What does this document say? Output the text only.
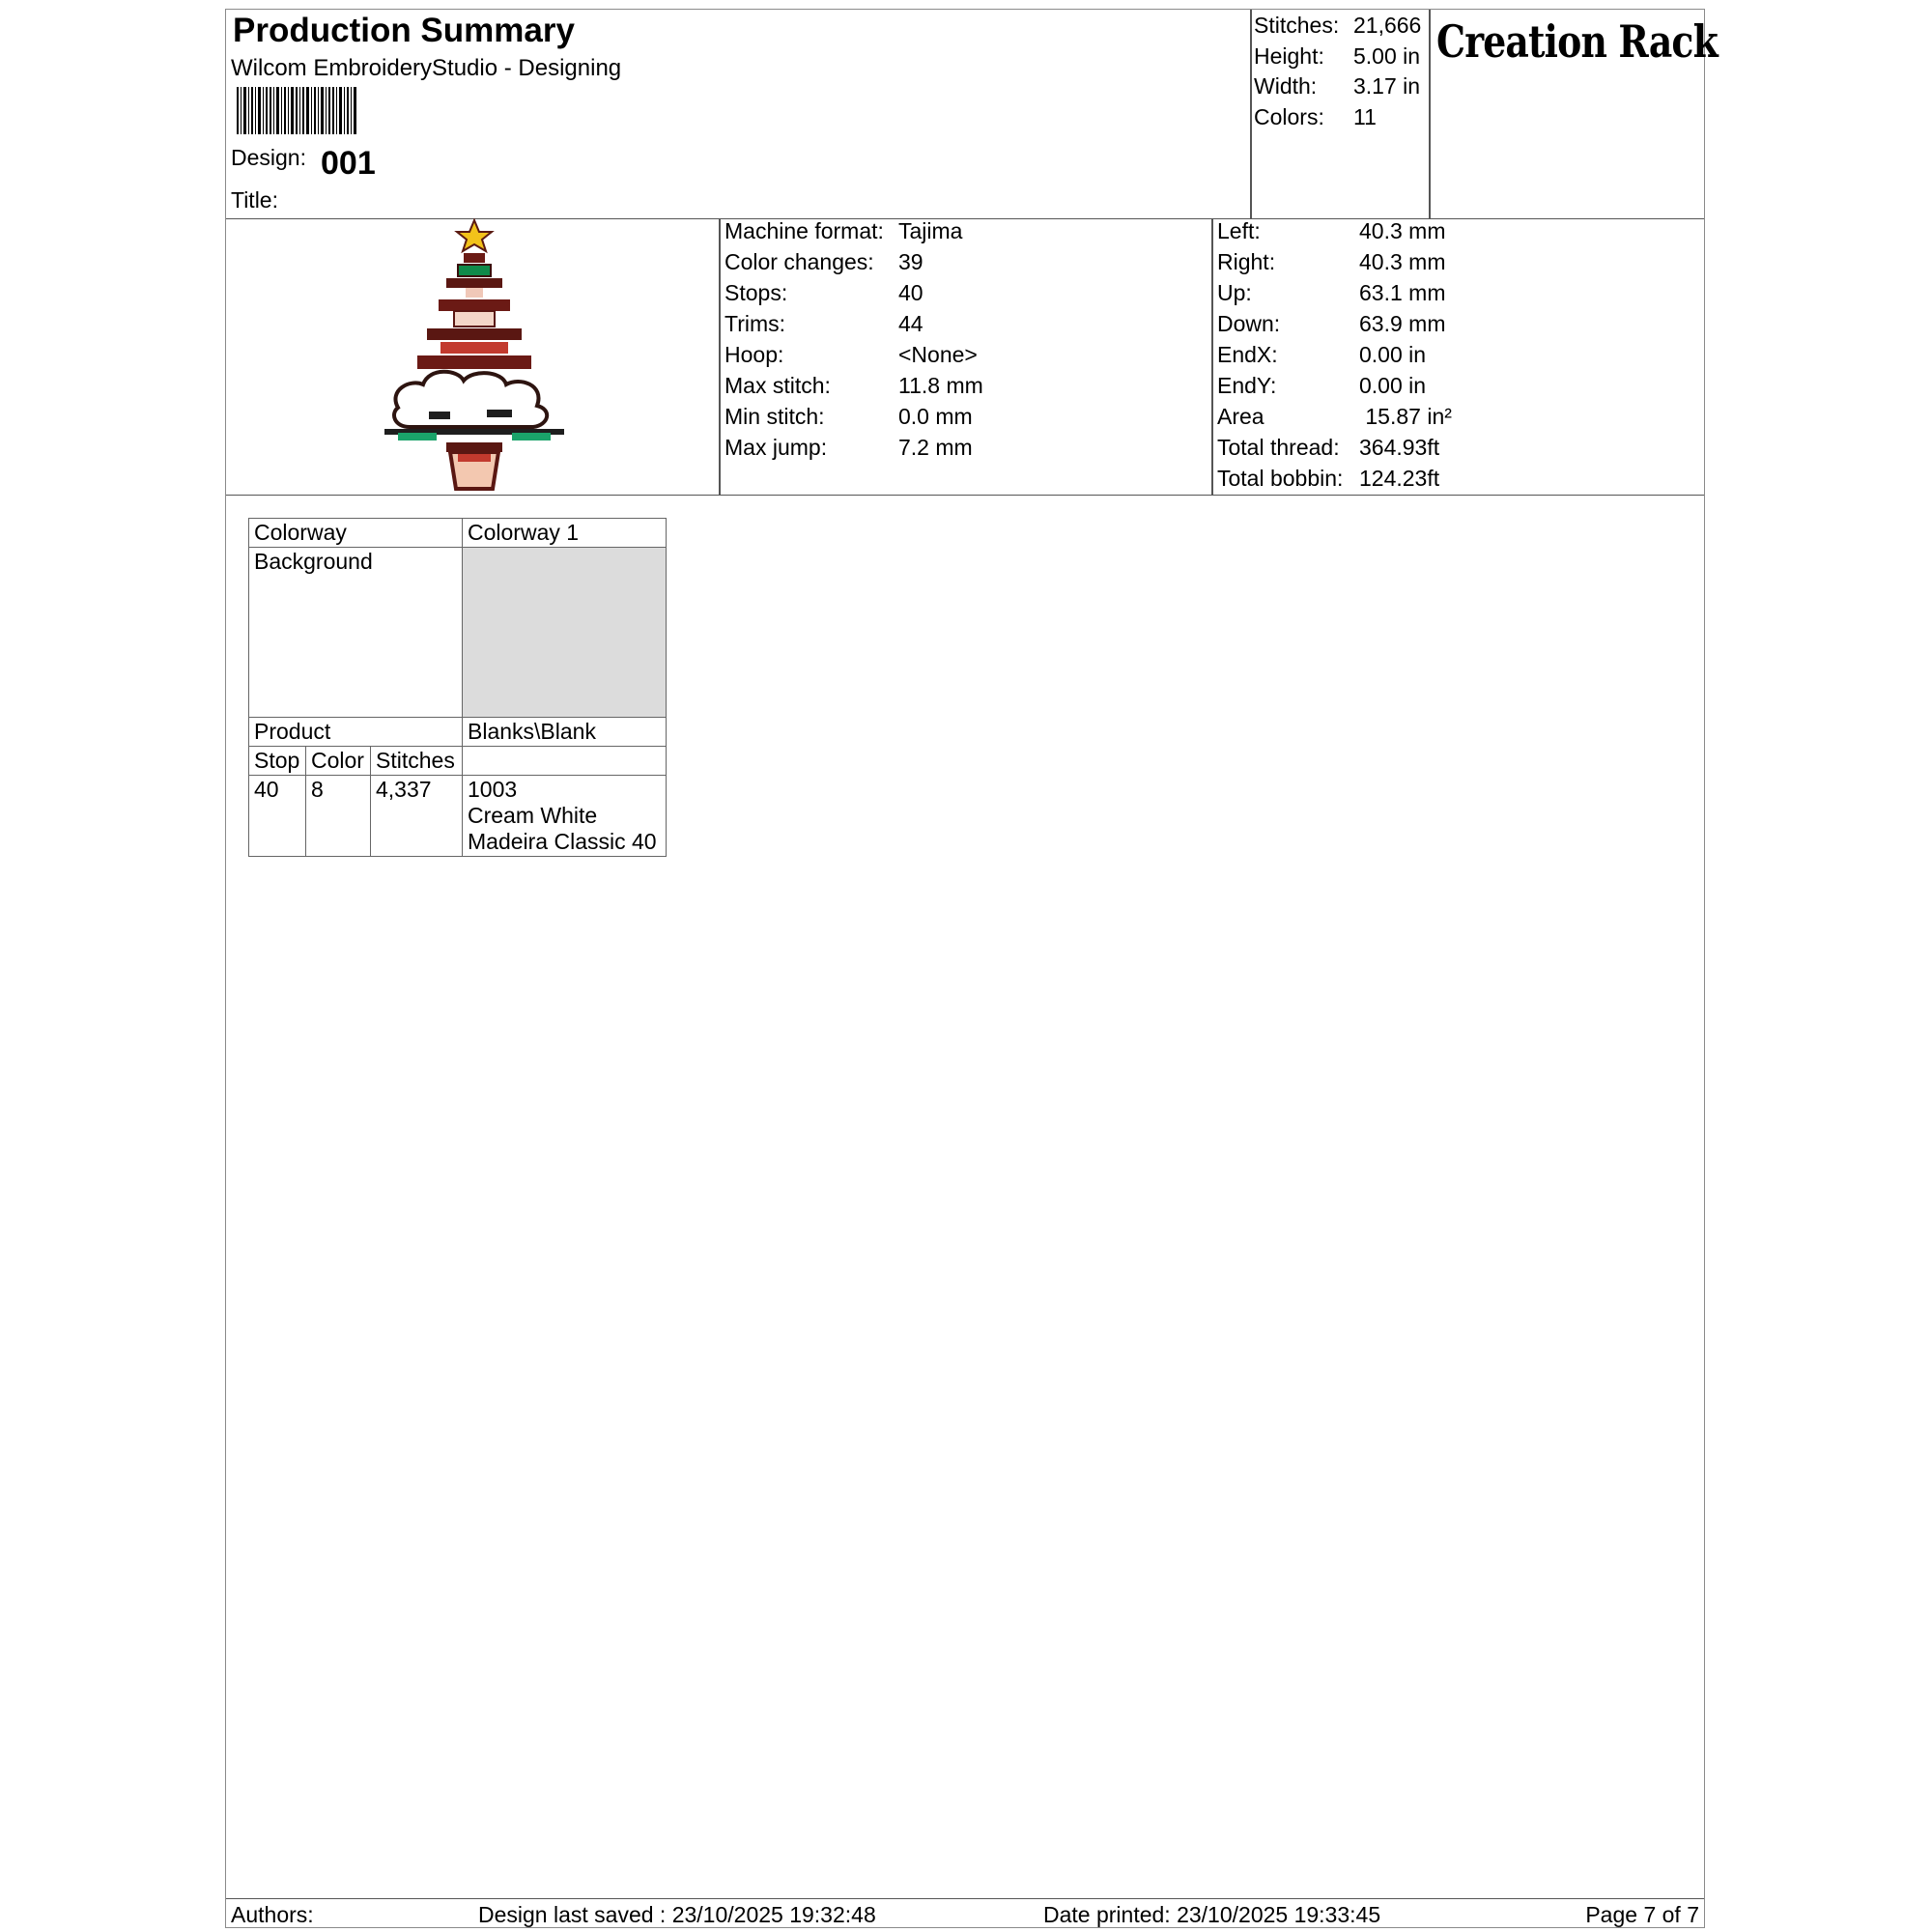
Production Summary
Wilcom EmbroideryStudio - Designing
Design: 001
Title:
Stitches: 21,666
Height: 5.00 in
Width: 3.17 in
Colors: 11
Creation Rack
Machine format: Tajima
Color changes: 39
Stops:	40
Trims:	44
Hoop:	<None>
Max stitch:	11.8 mm
Min stitch:	0.0 mm
Max jump:	7.2 mm
Left:	40.3 mm
Right:	40.3 mm
Up:	63.1 mm
Down:	63.9 mm
EndX:	0.00 in
EndY:	0.00 in
Area	15.87 in²
Total thread: 364.93ft
Total bobbin: 124.23ft
Colorway			Colorway 1
Background			
Product			Blanks\Blank
Stop	Color	Stitches	
40	8	4,337	1003
Cream White
Madeira Classic 40
Authors:	Design last saved : 23/10/2025 19:32:48	Date printed: 23/10/2025 19:33:45	Page 7 of 7
